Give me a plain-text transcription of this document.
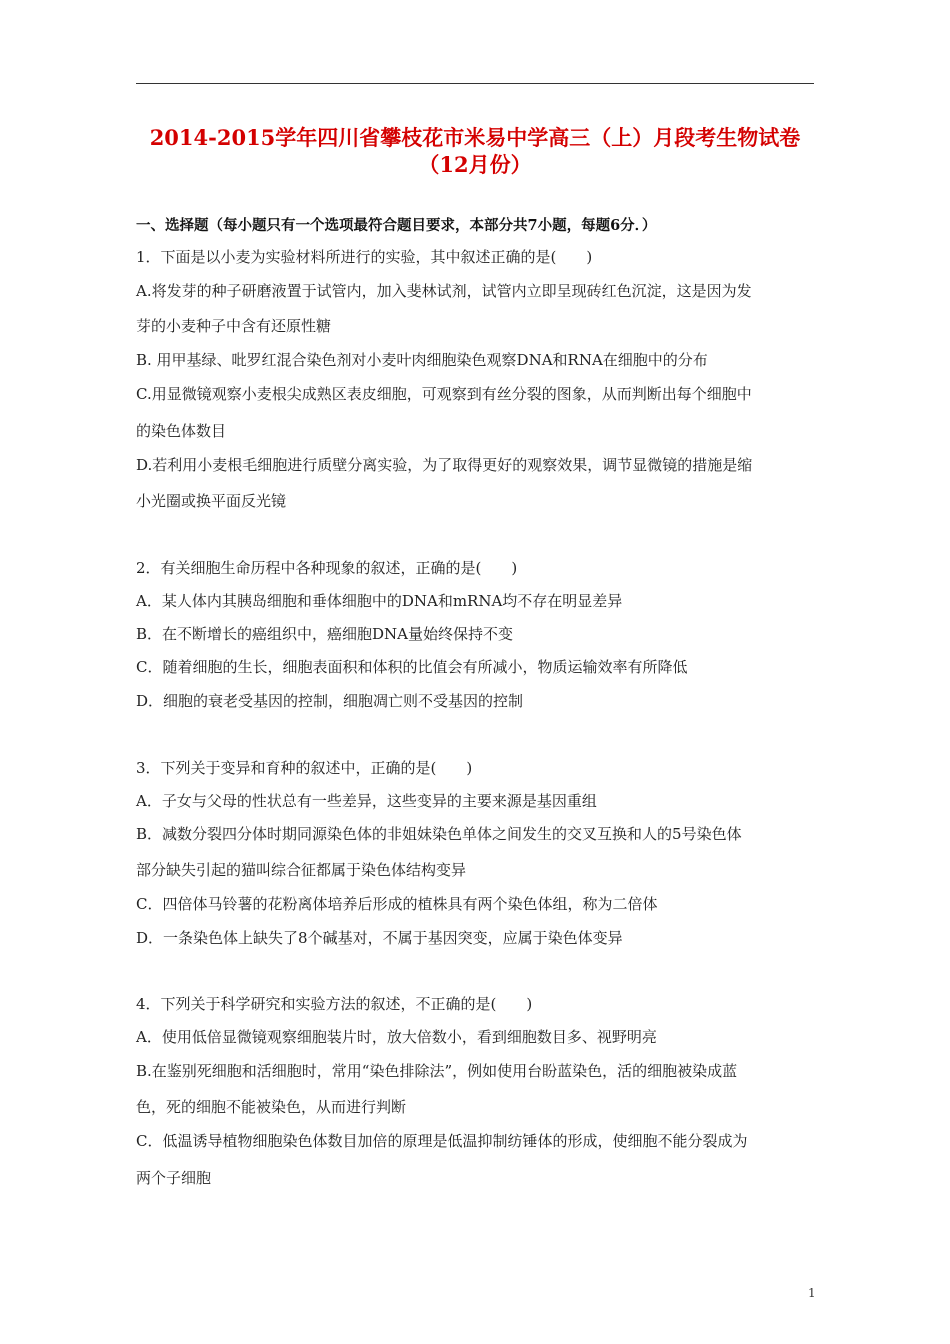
2014-2015学年四川省攀枝花市米易中学高三（上）月段考生物试卷
（12月份）
一、选择题（每小题只有一个选项最符合题目要求，本部分共7小题，每题6分．）
1．下面是以小麦为实验材料所进行的实验，其中叙述正确的是(　　)
A.将发芽的种子研磨液置于试管内，加入斐林试剂，试管内立即呈现砖红色沉淀，这是因为发
芽的小麦种子中含有还原性糖
B. 用甲基绿、吡罗红混合染色剂对小麦叶肉细胞染色观察DNA和RNA在细胞中的分布
C.用显微镜观察小麦根尖成熟区表皮细胞，可观察到有丝分裂的图象，从而判断出每个细胞中
的染色体数目
D.若利用小麦根毛细胞进行质壁分离实验，为了取得更好的观察效果，调节显微镜的措施是缩
小光圈或换平面反光镜
2．有关细胞生命历程中各种现象的叙述，正确的是(　　)
A．某人体内其胰岛细胞和垂体细胞中的DNA和mRNA均不存在明显差异
B．在不断增长的癌组织中，癌细胞DNA量始终保持不变
C．随着细胞的生长，细胞表面积和体积的比值会有所减小，物质运输效率有所降低
D．细胞的衰老受基因的控制，细胞凋亡则不受基因的控制
3．下列关于变异和育种的叙述中，正确的是(　　)
A．子女与父母的性状总有一些差异，这些变异的主要来源是基因重组
B．减数分裂四分体时期同源染色体的非姐妹染色单体之间发生的交叉互换和人的5号染色体
部分缺失引起的猫叫综合征都属于染色体结构变异
C．四倍体马铃薯的花粉离体培养后形成的植株具有两个染色体组，称为二倍体
D．一条染色体上缺失了8个碱基对，不属于基因突变，应属于染色体变异
4．下列关于科学研究和实验方法的叙述，不正确的是(　　)
A．使用低倍显微镜观察细胞装片时，放大倍数小，看到细胞数目多、视野明亮
B.在鉴别死细胞和活细胞时，常用“染色排除法”，例如使用台盼蓝染色，活的细胞被染成蓝
色，死的细胞不能被染色，从而进行判断
C．低温诱导植物细胞染色体数目加倍的原理是低温抑制纺锤体的形成，使细胞不能分裂成为
两个子细胞
1
